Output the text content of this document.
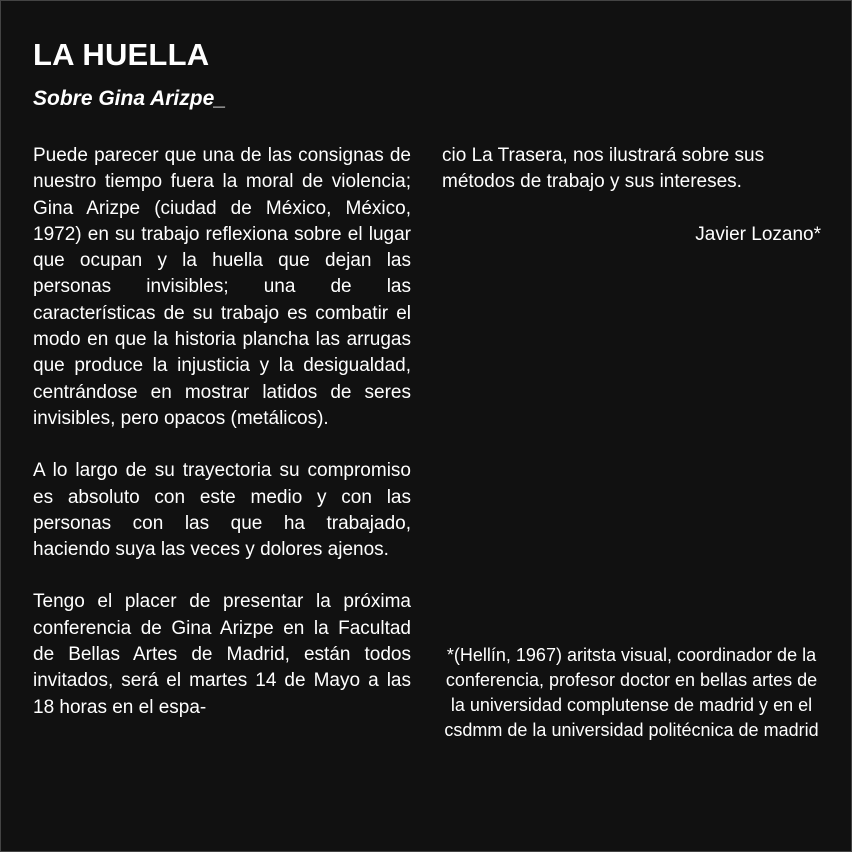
LA HUELLA
Sobre Gina Arizpe_

Puede parecer que una de las consignas de nuestro tiempo fuera la moral de violencia; Gina Arizpe (ciudad de México, México, 1972) en su trabajo reflexiona sobre el lugar que ocupan y la huella que dejan las personas invisibles; una de las características de su trabajo es combatir el modo en que la historia plancha las arrugas que produce la injusticia y la desigualdad, centrándose en mostrar latidos de seres invisibles, pero opacos (metálicos).

A lo largo de su trayectoria su compromiso es absoluto con este medio y con las personas con las que ha trabajado, haciendo suya las veces y dolores ajenos.

Tengo el placer de presentar la próxima conferencia de Gina Arizpe en la Facultad de Bellas Artes de Madrid, están todos invitados, será el martes 14 de Mayo a las 18 horas en el espa-

cio La Trasera, nos ilustrará sobre sus métodos de trabajo y sus intereses.

Javier Lozano*

*(Hellín, 1967) aritsta visual, coordinador de la conferencia, profesor doctor en bellas artes de la universidad complutense de madrid y en el csdmm de la universidad politécnica de madrid
